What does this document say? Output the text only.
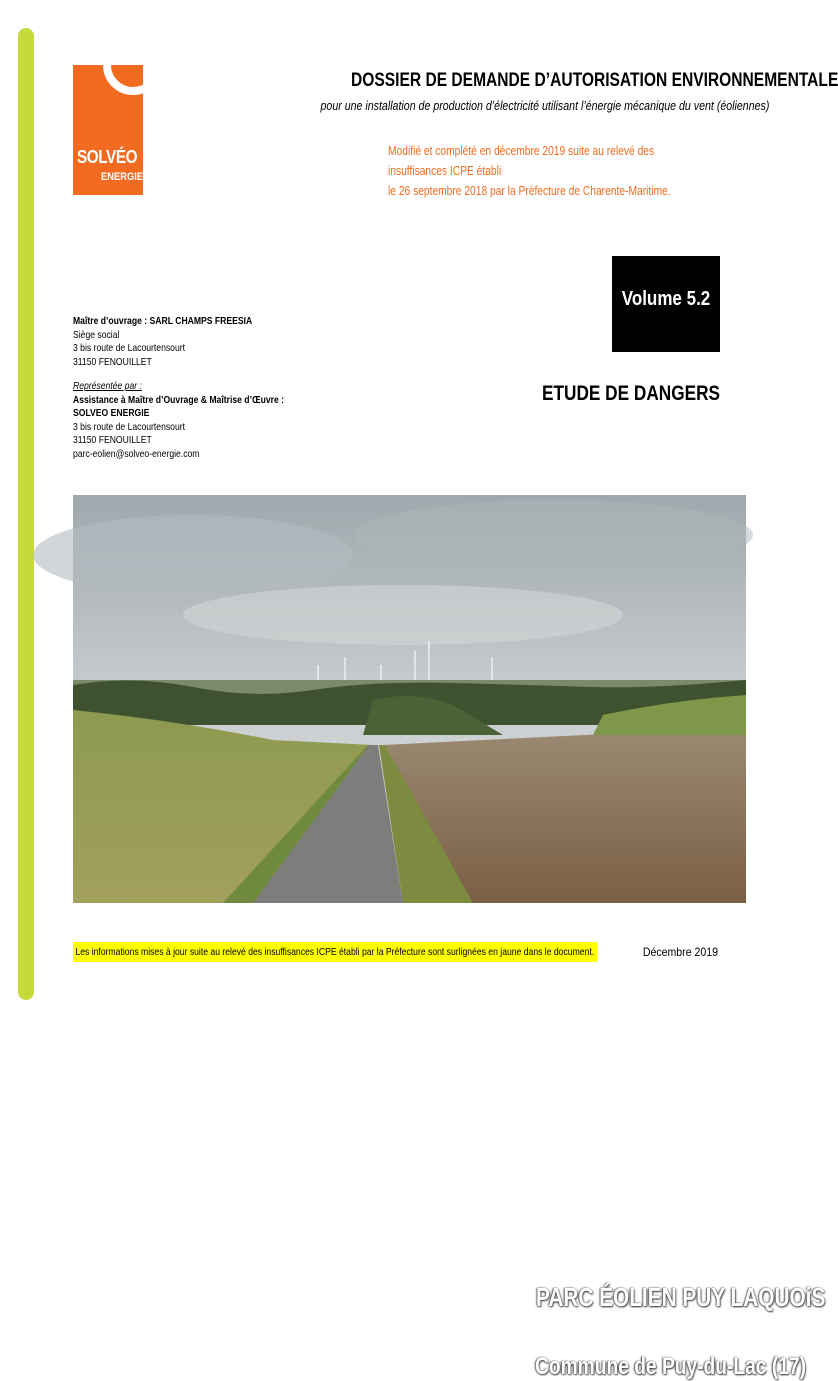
SOLVÉO
ENERGIE
DOSSIER DE DEMANDE D’AUTORISATION ENVIRONNEMENTALE
pour une installation de production d’électricité utilisant l’énergie mécanique du vent (éoliennes)
Modifié et complété en décembre 2019 suite au relevé des insuffisances ICPE établi
le 26 septembre 2018 par la Préfecture de Charente-Maritime.
Volume 5.2
ETUDE DE DANGERS
Maître d’ouvrage : SARL CHAMPS FREESIA
Siège social
3 bis route de Lacourtensourt
31150 FENOUILLET
Représentée par :
Assistance à Maître d’Ouvrage & Maîtrise d’Œuvre :
SOLVEO ENERGIE
3 bis route de Lacourtensourt
31150 FENOUILLET
parc-eolien@solveo-energie.com
PARC ÉOLIEN PUY LAQUOiS
Commune de Puy-du-Lac (17)
Les informations mises à jour suite au relevé des insuffisances ICPE établi par la Préfecture sont surlignées en jaune dans le document.	Décembre 2019
